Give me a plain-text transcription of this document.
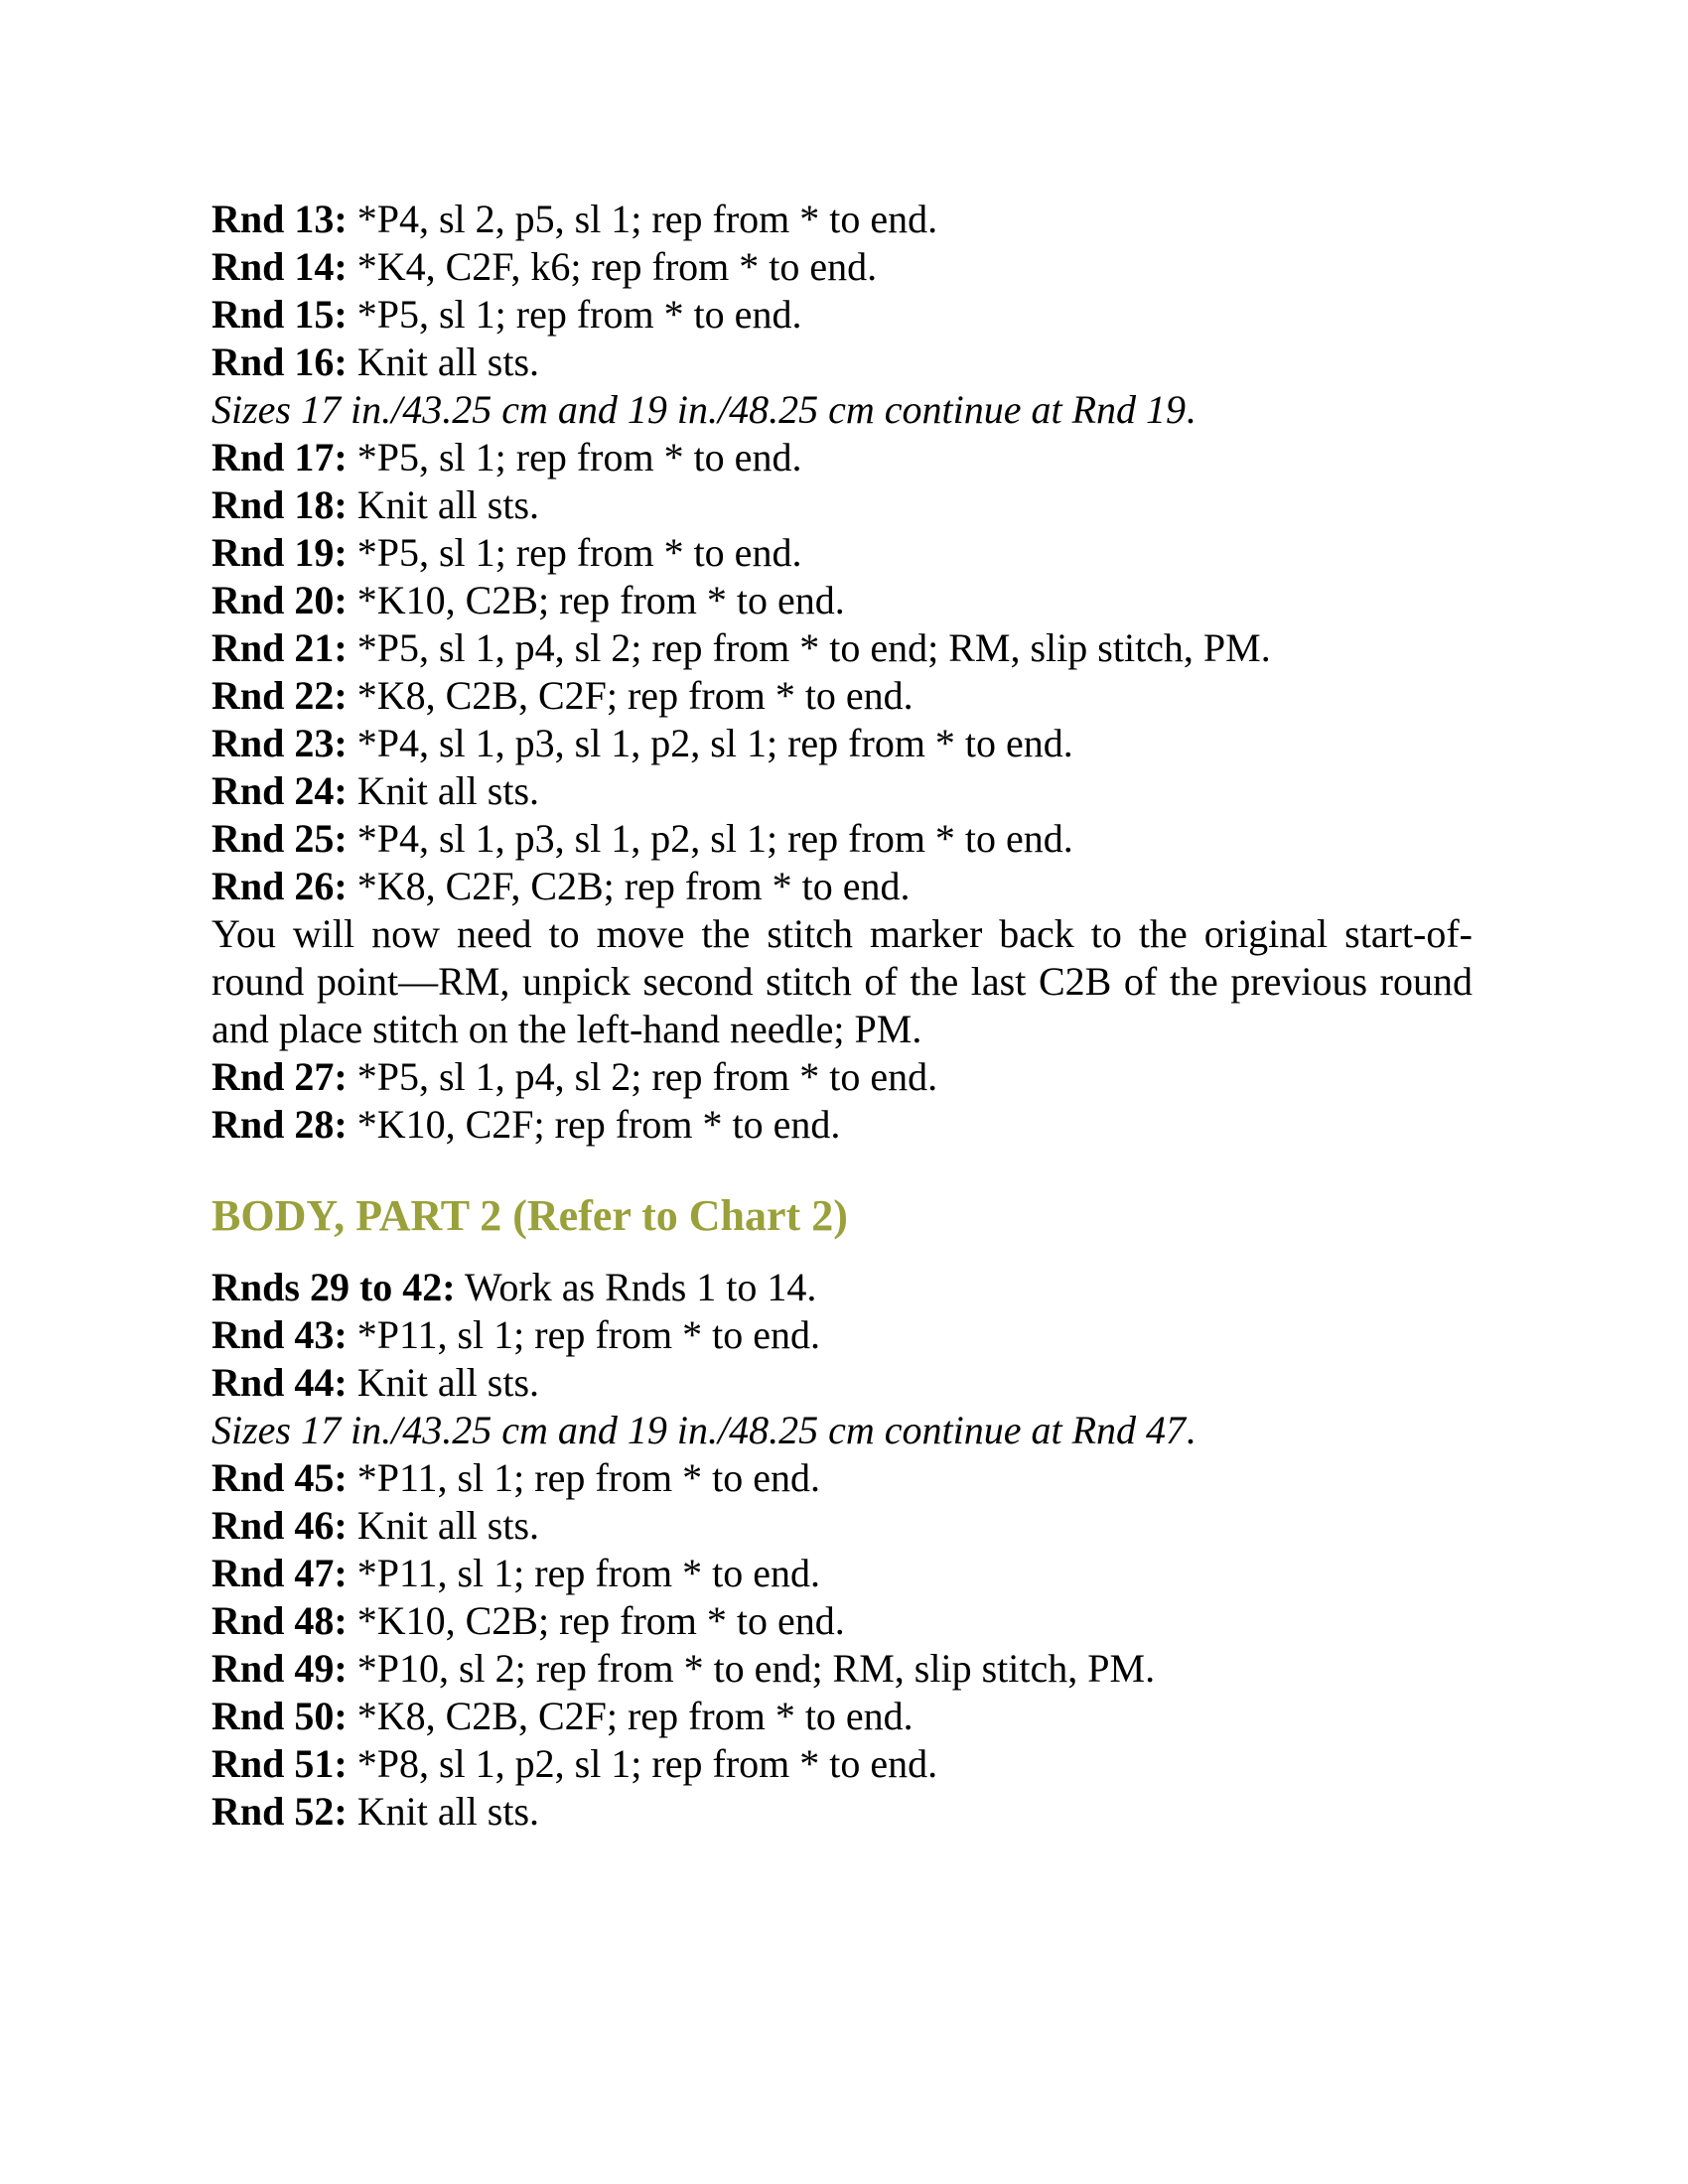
Rnd 13: *P4, sl 2, p5, sl 1; rep from * to end.
Rnd 14: *K4, C2F, k6; rep from * to end.
Rnd 15: *P5, sl 1; rep from * to end.
Rnd 16: Knit all sts.
Sizes 17 in./43.25 cm and 19 in./48.25 cm continue at Rnd 19.
Rnd 17: *P5, sl 1; rep from * to end.
Rnd 18: Knit all sts.
Rnd 19: *P5, sl 1; rep from * to end.
Rnd 20: *K10, C2B; rep from * to end.
Rnd 21: *P5, sl 1, p4, sl 2; rep from * to end; RM, slip stitch, PM.
Rnd 22: *K8, C2B, C2F; rep from * to end.
Rnd 23: *P4, sl 1, p3, sl 1, p2, sl 1; rep from * to end.
Rnd 24: Knit all sts.
Rnd 25: *P4, sl 1, p3, sl 1, p2, sl 1; rep from * to end.
Rnd 26: *K8, C2F, C2B; rep from * to end.
You will now need to move the stitch marker back to the original start-of-round point—RM, unpick second stitch of the last C2B of the previous round and place stitch on the left-hand needle; PM.
Rnd 27: *P5, sl 1, p4, sl 2; rep from * to end.
Rnd 28: *K10, C2F; rep from * to end.
BODY, PART 2 (Refer to Chart 2)
Rnds 29 to 42: Work as Rnds 1 to 14.
Rnd 43: *P11, sl 1; rep from * to end.
Rnd 44: Knit all sts.
Sizes 17 in./43.25 cm and 19 in./48.25 cm continue at Rnd 47.
Rnd 45: *P11, sl 1; rep from * to end.
Rnd 46: Knit all sts.
Rnd 47: *P11, sl 1; rep from * to end.
Rnd 48: *K10, C2B; rep from * to end.
Rnd 49: *P10, sl 2; rep from * to end; RM, slip stitch, PM.
Rnd 50: *K8, C2B, C2F; rep from * to end.
Rnd 51: *P8, sl 1, p2, sl 1; rep from * to end.
Rnd 52: Knit all sts.
